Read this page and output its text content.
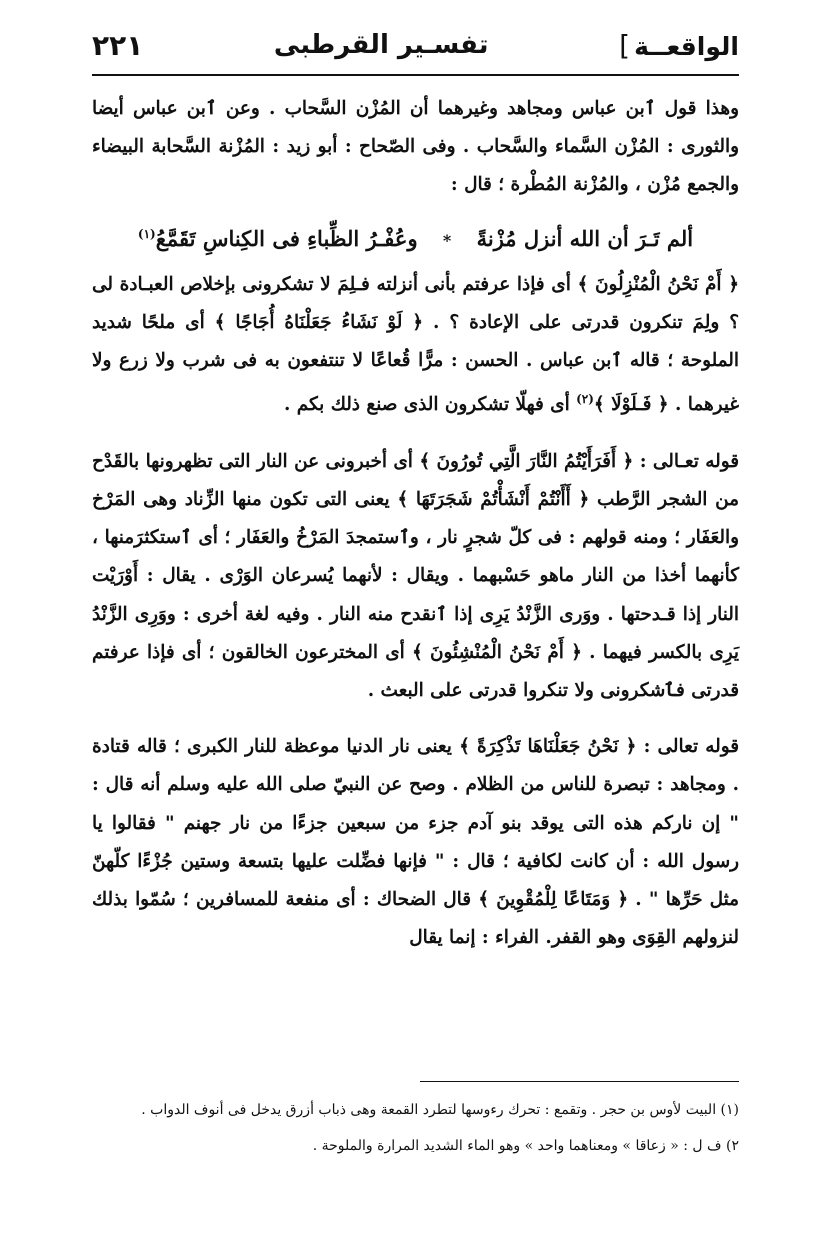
الواقعــة]
تفسـير القرطبى
٢٢١

وهذا قول ٱبن عباس ومجاهد وغيرهما أن المُزْن السَّحاب . وعن ٱبن عباس أيضا والثورى : المُزْن السَّماء والسَّحاب . وفى الصّحاح : أبو زيد : المُزْنة السَّحابة البيضاء والجمع مُزْن ، والمُزْنة المُطْرة ؛ قال :

ألم تَـرَ أن الله أنزل مُزْنةً * وعُفْـرُ الظِّباءِ فى الكِناسِ تَقَمَّعُ$^{(١)}$

﴿ أَمْ نَحْنُ الْمُنْزِلُونَ ﴾ أى فإذا عرفتم بأنى أنزلته فـلِمَ لا تشكرونى بإخلاص العبـادة لى ؟ ولِمَ تنكرون قدرتى على الإعادة ؟ . ﴿ لَوْ نَشَاءُ جَعَلْنَاهُ أُجَاجًا ﴾ أى ملحًا شديد الملوحة ؛ قاله ٱبن عباس . الحسن : مرًّا قُعاعًا لا تنتفعون به فى شرب ولا زرع ولا غيرهما . ﴿ فَـلَوْلَا ﴾$^{(٢)}$ أى فهلّا تشكرون الذى صنع ذلك بكم .

قوله تعـالى : ﴿ أَفَرَأَيْتُمُ النَّارَ الَّتِي تُورُونَ ﴾ أى أخبرونى عن النار التى تظهرونها بالقَدْح من الشجر الرَّطب ﴿ أَأَنْتُمْ أَنْشَأْتُمْ شَجَرَتَهَا ﴾ يعنى التى تكون منها الزِّناد وهى المَرْخ والعَفَار ؛ ومنه قولهم : فى كلّ شجرٍ نار ، وٱستمجدَ المَرْخُ والعَفَار ؛ أى ٱستكثرَمنها ، كأنهما أخذا من النار ماهو حَسْبهما . ويقال : لأنهما يُسرعان الوَرْى . يقال : أَوْرَيْت النار إذا قـدحتها . ووَرى الزَّنْدُ يَرِى إذا ٱنقدح منه النار . وفيه لغة أخرى : ووَرِى الزَّنْدُ يَرِى بالكسر فيهما . ﴿ أَمْ نَحْنُ الْمُنْشِئُونَ ﴾ أى المخترعون الخالقون ؛ أى فإذا عرفتم قدرتى فٱشكرونى ولا تنكروا قدرتى على البعث .

قوله تعالى : ﴿ نَحْنُ جَعَلْنَاهَا تَذْكِرَةً ﴾ يعنى نار الدنيا موعظة للنار الكبرى ؛ قاله قتادة . ومجاهد : تبصرة للناس من الظلام . وصح عن النبيّ صلى الله عليه وسلم أنه قال : " إن ناركم هذه التى يوقد بنو آدم جزء من سبعين جزءًا من نار جهنم " فقالوا يا رسول الله : أن كانت لكافية ؛ قال : " فإنها فضِّلت عليها بتسعة وستين جُزْءًا كلّهنّ مثل حَرِّها " . ﴿ وَمَتَاعًا لِلْمُقْوِينَ ﴾ قال الضحاك : أى منفعة للمسافرين ؛ سُمّوا بذلك لنزولهم القِوَى وهو القفر. الفراء : إنما يقال

(١) البيت لأوس بن حجر . وتقمع : تحرك رءوسها لتطرد القمعة وهى ذباب أزرق يدخل فى أنوف الدواب .

٢) ف ل : « زعاقا » ومعناهما واحد » وهو الماء الشديد المرارة والملوحة .
